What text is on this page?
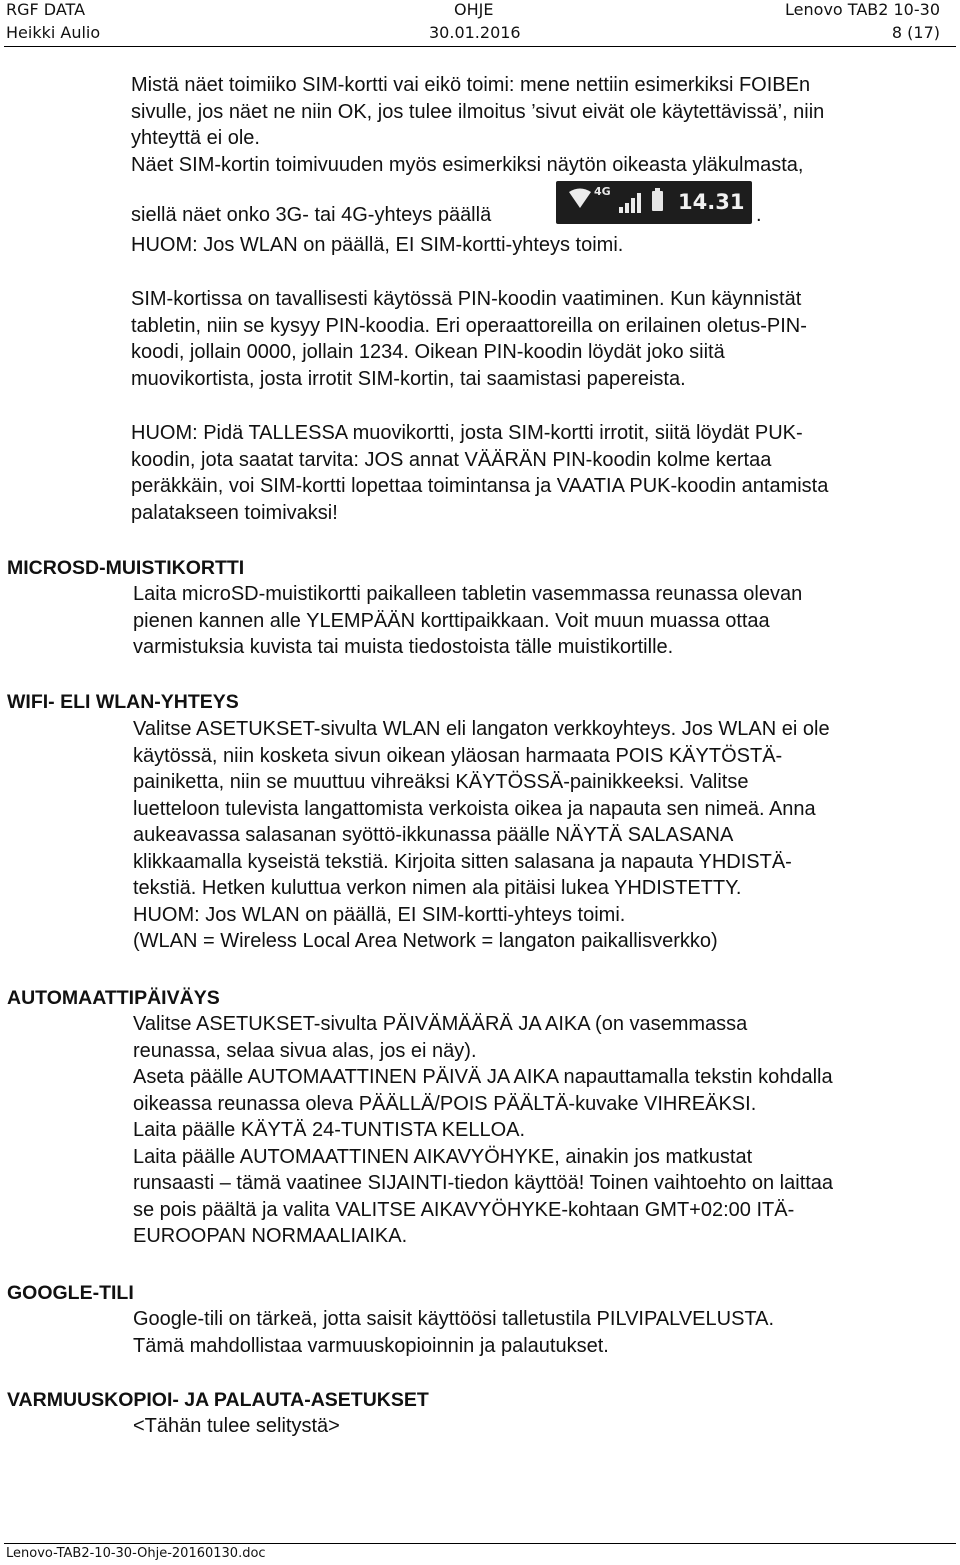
RGF DATA
Heikki Aulio
OHJE
30.01.2016
Lenovo TAB2 10-30
8 (17)
Mistä näet toimiiko SIM-kortti vai eikö toimi: mene nettiin esimerkiksi FOIBEn
sivulle, jos näet ne niin OK, jos tulee ilmoitus ’sivut eivät ole käytettävissä’, niin
yhteyttä ei ole.
Näet SIM-kortin toimivuuden myös esimerkiksi näytön oikeasta yläkulmasta,
siellä näet onko 3G- tai 4G-yhteys päällä
4G	14.31
.
HUOM: Jos WLAN on päällä, EI SIM-kortti-yhteys toimi.
SIM-kortissa on tavallisesti käytössä PIN-koodin vaatiminen. Kun käynnistät
tabletin, niin se kysyy PIN-koodia. Eri operaattoreilla on erilainen oletus-PIN-
koodi, jollain 0000, jollain 1234. Oikean PIN-koodin löydät joko siitä
muovikortista, josta irrotit SIM-kortin, tai saamistasi papereista.
HUOM: Pidä TALLESSA muovikortti, josta SIM-kortti irrotit, siitä löydät PUK-
koodin, jota saatat tarvita: JOS annat VÄÄRÄN PIN-koodin kolme kertaa
peräkkäin, voi SIM-kortti lopettaa toimintansa ja VAATIA PUK-koodin antamista
palatakseen toimivaksi!
MICROSD-MUISTIKORTTI
Laita microSD-muistikortti paikalleen tabletin vasemmassa reunassa olevan
pienen kannen alle YLEMPÄÄN korttipaikkaan. Voit muun muassa ottaa
varmistuksia kuvista tai muista tiedostoista tälle muistikortille.
WIFI- ELI WLAN-YHTEYS
Valitse ASETUKSET-sivulta WLAN eli langaton verkkoyhteys. Jos WLAN ei ole
käytössä, niin kosketa sivun oikean yläosan harmaata POIS KÄYTÖSTÄ-
painiketta, niin se muuttuu vihreäksi KÄYTÖSSÄ-painikkeeksi. Valitse
luetteloon tulevista langattomista verkoista oikea ja napauta sen nimeä. Anna
aukeavassa salasanan syöttö-ikkunassa päälle NÄYTÄ SALASANA
klikkaamalla kyseistä tekstiä. Kirjoita sitten salasana ja napauta YHDISTÄ-
tekstiä. Hetken kuluttua verkon nimen ala pitäisi lukea YHDISTETTY.
HUOM: Jos WLAN on päällä, EI SIM-kortti-yhteys toimi.
(WLAN = Wireless Local Area Network = langaton paikallisverkko)
AUTOMAATTIPÄIVÄYS
Valitse ASETUKSET-sivulta PÄIVÄMÄÄRÄ JA AIKA (on vasemmassa
reunassa, selaa sivua alas, jos ei näy).
Aseta päälle AUTOMAATTINEN PÄIVÄ JA AIKA napauttamalla tekstin kohdalla
oikeassa reunassa oleva PÄÄLLÄ/POIS PÄÄLTÄ-kuvake VIHREÄKSI.
Laita päälle KÄYTÄ 24-TUNTISTA KELLOA.
Laita päälle AUTOMAATTINEN AIKAVYÖHYKE, ainakin jos matkustat
runsaasti – tämä vaatinee SIJAINTI-tiedon käyttöä! Toinen vaihtoehto on laittaa
se pois päältä ja valita VALITSE AIKAVYÖHYKE-kohtaan GMT+02:00 ITÄ-
EUROOPAN NORMAALIAIKA.
GOOGLE-TILI
Google-tili on tärkeä, jotta saisit käyttöösi talletustila PILVIPALVELUSTA.
Tämä mahdollistaa varmuuskopioinnin ja palautukset.
VARMUUSKOPIOI- JA PALAUTA-ASETUKSET
<Tähän tulee selitystä>
Lenovo-TAB2-10-30-Ohje-20160130.doc
